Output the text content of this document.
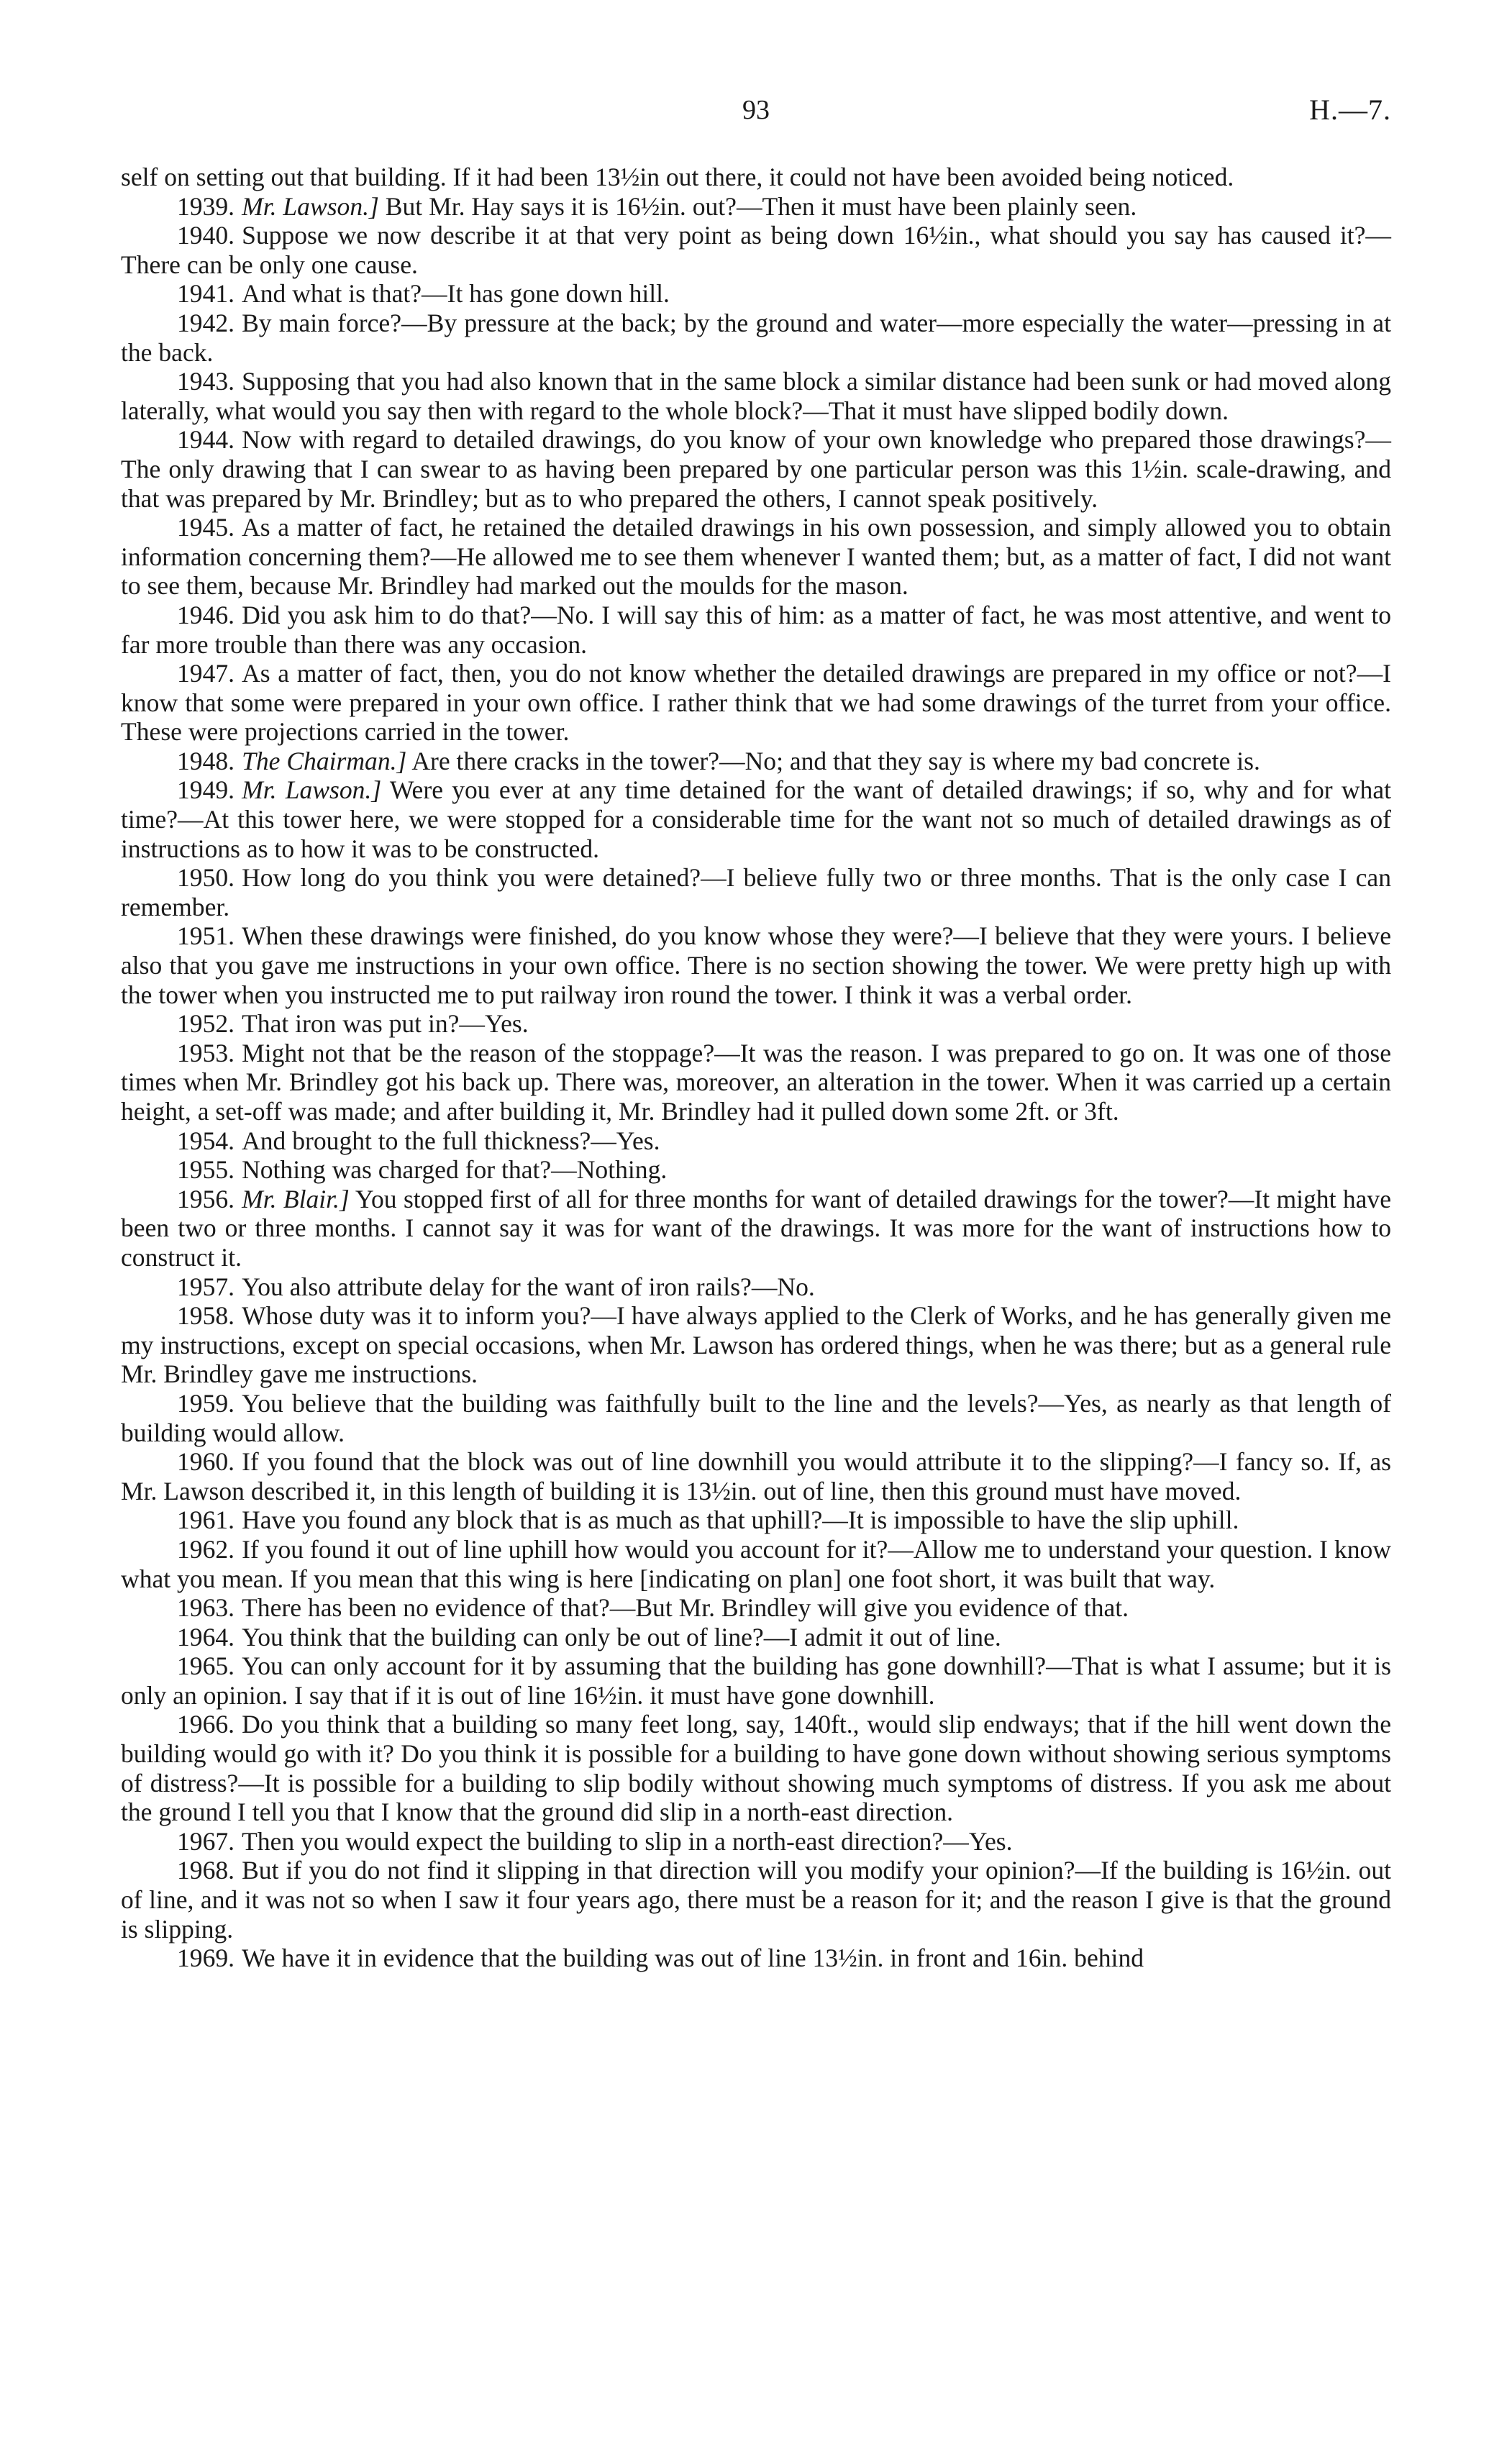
93	H.—7.

self on setting out that building. If it had been 13½in out there, it could not have been avoided being noticed.

1939. Mr. Lawson.] But Mr. Hay says it is 16½in. out?—Then it must have been plainly seen.

1940. Suppose we now describe it at that very point as being down 16½in., what should you say has caused it?—There can be only one cause.

1941. And what is that?—It has gone down hill.

1942. By main force?—By pressure at the back; by the ground and water—more especially the water—pressing in at the back.

1943. Supposing that you had also known that in the same block a similar distance had been sunk or had moved along laterally, what would you say then with regard to the whole block?—That it must have slipped bodily down.

1944. Now with regard to detailed drawings, do you know of your own knowledge who prepared those drawings?—The only drawing that I can swear to as having been prepared by one particular person was this 1½in. scale-drawing, and that was prepared by Mr. Brindley; but as to who prepared the others, I cannot speak positively.

1945. As a matter of fact, he retained the detailed drawings in his own possession, and simply allowed you to obtain information concerning them?—He allowed me to see them whenever I wanted them; but, as a matter of fact, I did not want to see them, because Mr. Brindley had marked out the moulds for the mason.

1946. Did you ask him to do that?—No. I will say this of him: as a matter of fact, he was most attentive, and went to far more trouble than there was any occasion.

1947. As a matter of fact, then, you do not know whether the detailed drawings are prepared in my office or not?—I know that some were prepared in your own office. I rather think that we had some drawings of the turret from your office. These were projections carried in the tower.

1948. The Chairman.] Are there cracks in the tower?—No; and that they say is where my bad concrete is.

1949. Mr. Lawson.] Were you ever at any time detained for the want of detailed drawings; if so, why and for what time?—At this tower here, we were stopped for a considerable time for the want not so much of detailed drawings as of instructions as to how it was to be constructed.

1950. How long do you think you were detained?—I believe fully two or three months. That is the only case I can remember.

1951. When these drawings were finished, do you know whose they were?—I believe that they were yours. I believe also that you gave me instructions in your own office. There is no section showing the tower. We were pretty high up with the tower when you instructed me to put railway iron round the tower. I think it was a verbal order.

1952. That iron was put in?—Yes.

1953. Might not that be the reason of the stoppage?—It was the reason. I was prepared to go on. It was one of those times when Mr. Brindley got his back up. There was, moreover, an alteration in the tower. When it was carried up a certain height, a set-off was made; and after building it, Mr. Brindley had it pulled down some 2ft. or 3ft.

1954. And brought to the full thickness?—Yes.

1955. Nothing was charged for that?—Nothing.

1956. Mr. Blair.] You stopped first of all for three months for want of detailed drawings for the tower?—It might have been two or three months. I cannot say it was for want of the drawings. It was more for the want of instructions how to construct it.

1957. You also attribute delay for the want of iron rails?—No.

1958. Whose duty was it to inform you?—I have always applied to the Clerk of Works, and he has generally given me my instructions, except on special occasions, when Mr. Lawson has ordered things, when he was there; but as a general rule Mr. Brindley gave me instructions.

1959. You believe that the building was faithfully built to the line and the levels?—Yes, as nearly as that length of building would allow.

1960. If you found that the block was out of line downhill you would attribute it to the slipping?—I fancy so. If, as Mr. Lawson described it, in this length of building it is 13½in. out of line, then this ground must have moved.

1961. Have you found any block that is as much as that uphill?—It is impossible to have the slip uphill.

1962. If you found it out of line uphill how would you account for it?—Allow me to understand your question. I know what you mean. If you mean that this wing is here [indicating on plan] one foot short, it was built that way.

1963. There has been no evidence of that?—But Mr. Brindley will give you evidence of that.

1964. You think that the building can only be out of line?—I admit it out of line.

1965. You can only account for it by assuming that the building has gone downhill?—That is what I assume; but it is only an opinion. I say that if it is out of line 16½in. it must have gone downhill.

1966. Do you think that a building so many feet long, say, 140ft., would slip endways; that if the hill went down the building would go with it? Do you think it is possible for a building to have gone down without showing serious symptoms of distress?—It is possible for a building to slip bodily without showing much symptoms of distress. If you ask me about the ground I tell you that I know that the ground did slip in a north-east direction.

1967. Then you would expect the building to slip in a north-east direction?—Yes.

1968. But if you do not find it slipping in that direction will you modify your opinion?—If the building is 16½in. out of line, and it was not so when I saw it four years ago, there must be a reason for it; and the reason I give is that the ground is slipping.

1969. We have it in evidence that the building was out of line 13½in. in front and 16in. behind
